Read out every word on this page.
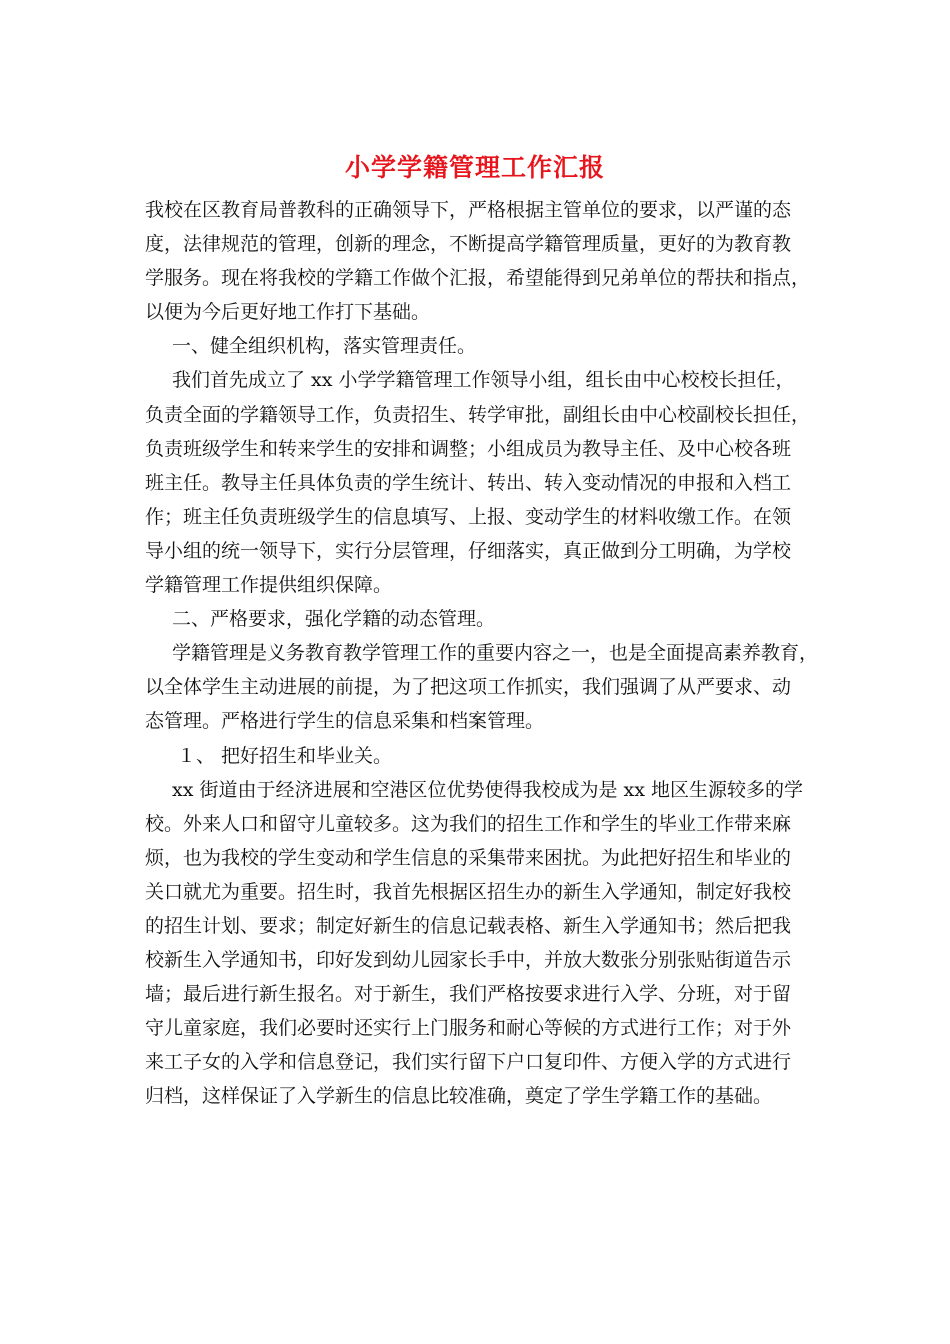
小学学籍管理工作汇报
我校在区教育局普教科的正确领导下，严格根据主管单位的要求，以严谨的态
度，法律规范的管理，创新的理念，不断提高学籍管理质量，更好的为教育教
学服务。现在将我校的学籍工作做个汇报，希望能得到兄弟单位的帮扶和指点，
以便为今后更好地工作打下基础。
一、健全组织机构，落实管理责任。
我们首先成立了 xx 小学学籍管理工作领导小组，组长由中心校校长担任，
负责全面的学籍领导工作，负责招生、转学审批，副组长由中心校副校长担任，
负责班级学生和转来学生的安排和调整；小组成员为教导主任、及中心校各班
班主任。教导主任具体负责的学生统计、转出、转入变动情况的申报和入档工
作；班主任负责班级学生的信息填写、上报、变动学生的材料收缴工作。在领
导小组的统一领导下，实行分层管理，仔细落实，真正做到分工明确，为学校
学籍管理工作提供组织保障。
二、严格要求，强化学籍的动态管理。
学籍管理是义务教育教学管理工作的重要内容之一，也是全面提高素养教育，
以全体学生主动进展的前提，为了把这项工作抓实，我们强调了从严要求、动
态管理。严格进行学生的信息采集和档案管理。
１、 把好招生和毕业关。
xx 街道由于经济进展和空港区位优势使得我校成为是 xx 地区生源较多的学
校。外来人口和留守儿童较多。这为我们的招生工作和学生的毕业工作带来麻
烦，也为我校的学生变动和学生信息的采集带来困扰。为此把好招生和毕业的
关口就尤为重要。招生时，我首先根据区招生办的新生入学通知，制定好我校
的招生计划、要求；制定好新生的信息记载表格、新生入学通知书；然后把我
校新生入学通知书，印好发到幼儿园家长手中，并放大数张分别张贴街道告示
墙；最后进行新生报名。对于新生，我们严格按要求进行入学、分班，对于留
守儿童家庭，我们必要时还实行上门服务和耐心等候的方式进行工作；对于外
来工子女的入学和信息登记，我们实行留下户口复印件、方便入学的方式进行
归档，这样保证了入学新生的信息比较准确，奠定了学生学籍工作的基础。
